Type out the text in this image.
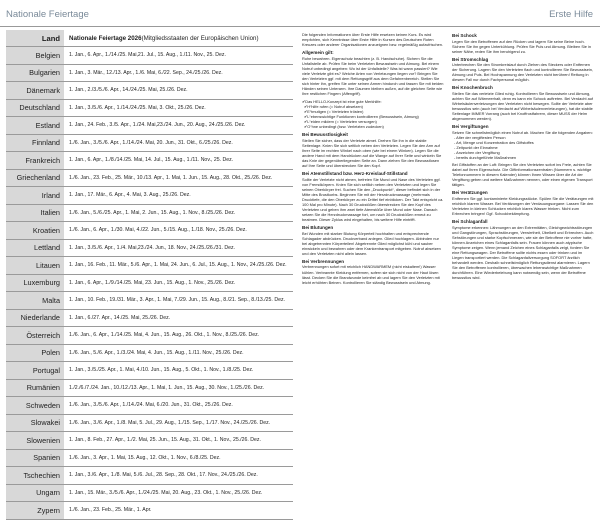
Nationale Feiertage	Erste Hilfe
Land	Nationale Feiertage 2026 (Mitgliedsstaaten der Europäischen Union)
Belgien	1. Jan., 6. Apr., 1./14./25. Mai,21. Jul., 15. Aug., 1./11. Nov., 25. Dez.
Bulgarien	1. Jan., 3. Mär., 12./13. Apr., 1./6. Mai, 6./22. Sep., 24./25./26. Dez.
Dänemark	1. Jan., 2./3./5./6. Apr., 14./24./25. Mai, 25./26. Dez.
Deutschland	1. Jan., 3./5./6. Apr., 1./14./24./25. Mai, 3. Okt., 25./26. Dez.
Estland	1. Jan., 24. Feb., 3./5. Apr., 1./24. Mai,23./24. Jun., 20. Aug., 24./25./26. Dez.
Finnland	1./6. Jan., 3./5./6. Apr., 1./14./24. Mai, 20. Jun., 31. Okt., 6./25./26. Dez.
Frankreich	1. Jan., 6. Apr., 1./8./14./25. Mai, 14. Jul., 15. Aug., 1./11. Nov., 25. Dez.
Griechenland	1./6. Jan., 23. Feb., 25. Mär., 10./13. Apr., 1. Mai, 1. Jun., 15. Aug., 28. Okt., 25./26. Dez.
Irland	1. Jan., 17. Mär., 6. Apr., 4. Mai, 3. Aug., 25./26. Dez.
Italien	1./6. Jan., 5./6./25. Apr., 1. Mai, 2. Jun., 15. Aug., 1. Nov., 8./25./26. Dez.
Kroatien	1./6. Jan., 6. Apr., 1./30. Mai, 4./22. Jun., 5./15. Aug., 1./18. Nov., 25./26. Dez.
Lettland	1. Jan., 3./5./6. Apr., 1./4. Mai,23./24. Jun., 18. Nov., 24./25./26./31. Dez.
Litauen	1. Jan., 16. Feb., 11. Mär., 5./6. Apr., 1. Mai, 24. Jun., 6. Jul., 15. Aug., 1. Nov., 24./25./26. Dez.
Luxemburg	1. Jan., 6. Apr., 1./9./14./25. Mai, 23. Jun., 15. Aug., 1. Nov., 25./26. Dez.
Malta	1. Jan., 10. Feb., 19./31. Mär., 3. Apr., 1. Mai, 7./29. Jun., 15. Aug., 8./21. Sep., 8./13./25. Dez.
Niederlande	1. Jan., 6./27. Apr., 14./25. Mai, 25./26. Dez.
Österreich	1./6. Jan., 6. Apr., 1./14./25. Mai, 4. Jun., 15. Aug., 26. Okt., 1. Nov., 8./25./26. Dez.
Polen	1./6. Jan., 5./6. Apr., 1./3./24. Mai, 4. Jun., 15. Aug., 1./11. Nov., 25./26. Dez.
Portugal	1. Jan., 3./5./25. Apr., 1. Mai, 4./10. Jun., 15. Aug., 5. Okt., 1. Nov., 1./8./25. Dez.
Rumänien	1./2./6./7./24. Jan., 10./12./13. Apr., 1. Mai, 1. Jun., 15. Aug., 30. Nov., 1./25./26. Dez.
Schweden	1./6. Jan., 3./5./6. Apr., 1./14./24. Mai, 6./20. Jun., 31. Okt., 25./26. Dez.
Slowakei	1./6. Jan., 3./6. Apr., 1./8. Mai, 5. Jul., 29. Aug., 1./15. Sep., 1./17. Nov., 24./25./26. Dez.
Slowenien	1. Jan., 8. Feb., 27. Apr., 1./2. Mai, 25. Jun., 15. Aug., 31. Okt., 1. Nov., 25./26. Dez.
Spanien	1./6. Jan., 3. Apr., 1. Mai, 15. Aug., 12. Okt., 1. Nov., 6./8./25. Dez.
Tschechien	1. Jan., 3./6. Apr., 1./8. Mai, 5./6. Jul., 28. Sep., 28. Okt., 17. Nov., 24./25./26. Dez.
Ungarn	1. Jan., 15. Mär., 3./5./6. Apr., 1./24./25. Mai, 20. Aug., 23. Okt., 1. Nov., 25./26. Dez.
Zypern	1./6. Jan., 23. Feb., 25. Mär., 1. Apr.

Die folgenden Informationen über Erste Hilfe ersetzen keinen Kurs. Es wird empfohlen, sich Kenntnisse über Erste Hilfe in Kursen des Deutschen Roten Kreuzes oder anderer Organisationen anzueignen bzw. regelmäßig aufzufrischen.

Allgemein gilt:

Ruhe bewahren. Eigenschutz beachten (z. B. Handschuhe). Sichern Sie die Unfallstelle ab. Prüfen Sie beim Verletzten Bewusstsein und Atmung. Bei einem Notruf unbedingt angeben: Wo ist der Unfallstelle? Was ist wann passiert? Wie viele Verletzte gibt es? Welche Arten von Verletzungen liegen vor? Bringen Sie den Verletzten ggf. mit dem Rettungsgriff aus dem Gefahrenbereich. Stellen Sie sich hinter ihn, greifen Sie unter seinen Armen hindurch und fassen Sie mit beiden Händen seinen Unterarm. Ihre Daumen bleiben außen, auf die gleichen Seite wie Ihre restlichen Fingern (Affengriff).

✔ Das HELLO-Konzept ist eine gute Merkhilfe:

✔ H“hilfe rufen (= Notruf absetzen)

✔ E“tmutigen (= Verletzten trösten)

✔ L“ebenswichtige Funktionen kontrollieren (Bewusstsein, Atmung)

✔ L“eiden mildern (= Verletzten versorgen)

✔ O“hne unbedingt (bzw. Verletzten zudecken)

Bei Bewusstlosigkeit

Stellen Sie sicher, dass der Verletzte atmet. Drehen Sie ihn in die stabile Seitenlage. Knien Sie sich seitlich neben den Verletzten. Legen Sie den Arm auf Ihrer Seite im rechten Winkel nach oben (wie bei einem Winken). Legen Sie die andere Hand mit dem Handrücken auf die Wange auf Ihrer Seite und winkeln Sie das Knie der gegenüberliegenden Seite an. Dann ziehen Sie den Bewusstlosen auf Ihre Seite und überstrecken Sie den Kopf.

Bei Atemstillstand bzw. Herz-Kreislauf-Stillstand

Sollte der Verletzte nicht atmen, befreien Sie Mund und Nase des Verletzten ggf. von Fremdkörpern. Knien Sie sich seitlich neben den Verletzten und legen Sie seinen Oberkörper frei. Suchen Sie den „Druckpunkt“, dieser befindet sich in der Mitte des Brustkorbs. Beginnen Sie mit der Herzdruckmassage (mehrmals Drucktiefe, die den Oberkörper zu ein Drittel tief einblicken. Der Takt entspricht ca. 100 Mal pro Minute). Nach 30 Druckstößen überstrecken Sie den Kopf des Verletzten und geben ihm zwei tiefe Atemstöße über Mund oder Nase. Danach setzen Sie die Herzdruckmassage fort, um nach 30 Druckstößen erneut zu beatmen. Dieser Zyklus wird eingehalten, bis weitere Hilfe eintrifft.

Bei Blutungen

Bei Wunden mit starker Blutung Körperteil hochhalten und entsprechende Schlagader abdrücken. Druckverband anlegen. Glied hochlagern. Abbinden nur bei abgetrennten Körperteilen! Abgetrennte Glied möglichst kühl und sauber einwickeln und bewahren oder dem Krankentransport mitgeben. Notruf absetzen und den Verletzten nicht allein lassen.

Bei Verbrennungen

Verbrennungen sofort mit reichlich HANDWARMEM (nicht eiskaltem!) Wasser kühlen. Verbrannte Kleidung entfernen, sofern sie sich nicht von der Haut lösen lässt. Decken Sie die Brandwunde keimfrei ab und lagern Sie den Verletzten mit leicht erhöhten Beinen. Kontrollieren Sie ständig Bewusstsein und Atmung.

Bei Schock

Legen Sie den Betroffenen auf den Rücken und lagern Sie seine Beine hoch. Sichern Sie ihn gegen Unterkühlung. Prüfen Sie Puls und Atmung. Bleiben Sie in seiner Nähe, reden Sie ihm beruhigend zu.

Bei Stromschlag

Unterbrechen Sie den Stromkreislauf durch Ziehen des Steckers oder Entfernen der Sicherung. Lagern Sie den Verletzten flach und kontrollieren Sie Bewusstsein, Atmung und Puls. Bei Hochspannung den Verletzten nicht berühren! Rettung in diesem Fall nur durch Fachpersonal möglich.

Bei Knochenbruch

Stellen Sie das verletzte Glied ruhig. Kontrollieren Sie Bewusstsein und Atmung, achten Sie auf Wärmeerhalt, denn es kann ein Schock auftreten. Bei Verdacht auf Wirbelsäulenverletzungen den Verletzten nicht bewegen. Sollte der Verletzte aber bewusstlos sein (auch bei Verdacht auf Wirbelsäulenverletzungen), hat die stabile Seitenlage IMMER Vorrang (auch bei Knoffrostfahrern, dieser MUSS der Helm abgenommen werden).

Bei Vergiftungen

Setzen Sie schnellstmöglich einen Notruf ab. Machen Sie die folgenden Angaben:

- Alter der vergiftesten Person

- Art, Menge und Konzentration des Giftstoffes

- Zeitpunkt der Einnahme

- Anzeichen der Vergiftung

- bereits durchgeführte Maßnahmen

Bei Giftstoffen an der Luft: Bringen Sie den Verletzten sofort ins Freie, achten Sie dabei auf Ihren Eigenschutz. Die Giftinformationszentralen (Nummern s. wichtige Telefonnummern in diesem Kalender) können Ihnen Wissen über die Art der Vergiftung geben und weitere Maßnahmen nennen, oder einen eigenen Transport tätigen.

Bei Verätzungen

Entfernen Sie ggf. kontaminierte Kleidungsstücke. Spülen Sie die Verätzungen mit reichlich klarem Wasser. Bei Verätzungen der Verdauungsorgane: Lassen Sie den Verletzten in kleinen Schlucken reichlich klares Wasser trinken. Nicht zum Erbrechen bringen! Ggf. Schockbekämpfung.

Bei Schlaganfall

Symptome erkennen: Lähmungen an den Extremitäten, Gleichgewichtsstörungen und Gangstörungen, Sprachstörungen, Verwirrtheit, Übelkeit und Erbrechen. Auch Sehstörungen und starke Kopfschmerzen, wie sie der Betroffene nie vorher hatte, können Anzeichen eines Schlaganfalls sein. Frauen können auch atypische Symptome zeigen. Wenn jemand Zeichen eines Schlaganfalls zeigt, fordern Sie eine Rettungswagen. Der Betroffene sollte nichts essen oder trinken und im Liegen transportiert werden. Die Schlaganfallversorgung SOFORT ärztlich behandelt werden. Deshalb schnellstmöglich Rettungsdienst alarmieren. Lagern Sie den Betroffenen kontrollieren, überwachen lebenswichtige Maßnahmen durchführen. Eine Wiederbelebung kann notwendig sein, wenn der Betroffene bewusstlos wird.
